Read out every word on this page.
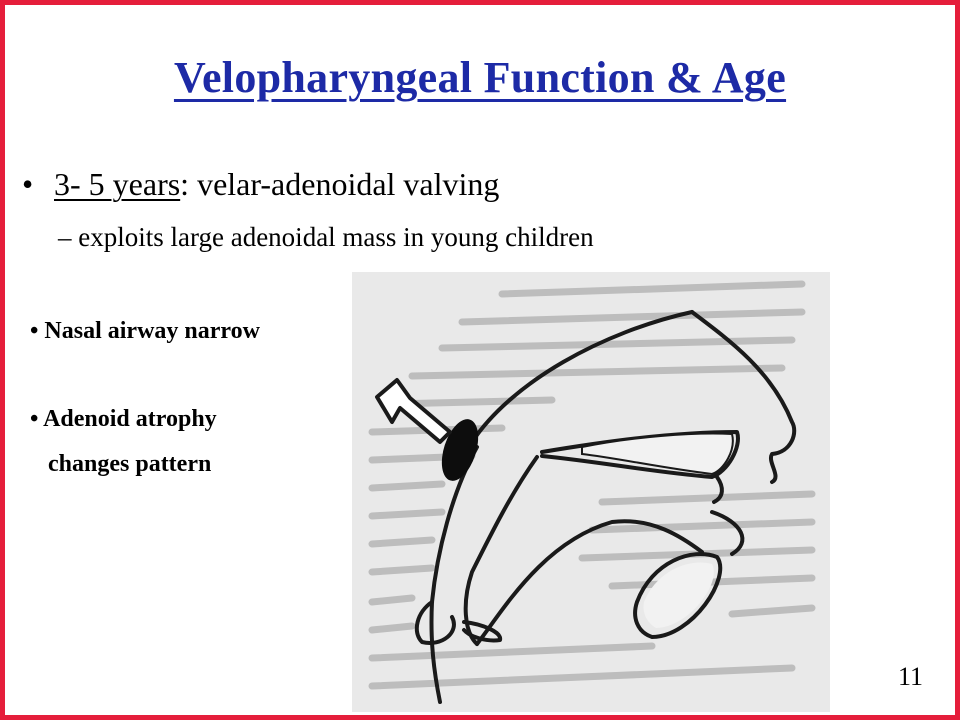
Velopharyngeal Function & Age
• 3- 5 years: velar-adenoidal valving
– exploits large adenoidal mass in young children
• Nasal airway narrow
• Adenoid atrophy
changes pattern
11
